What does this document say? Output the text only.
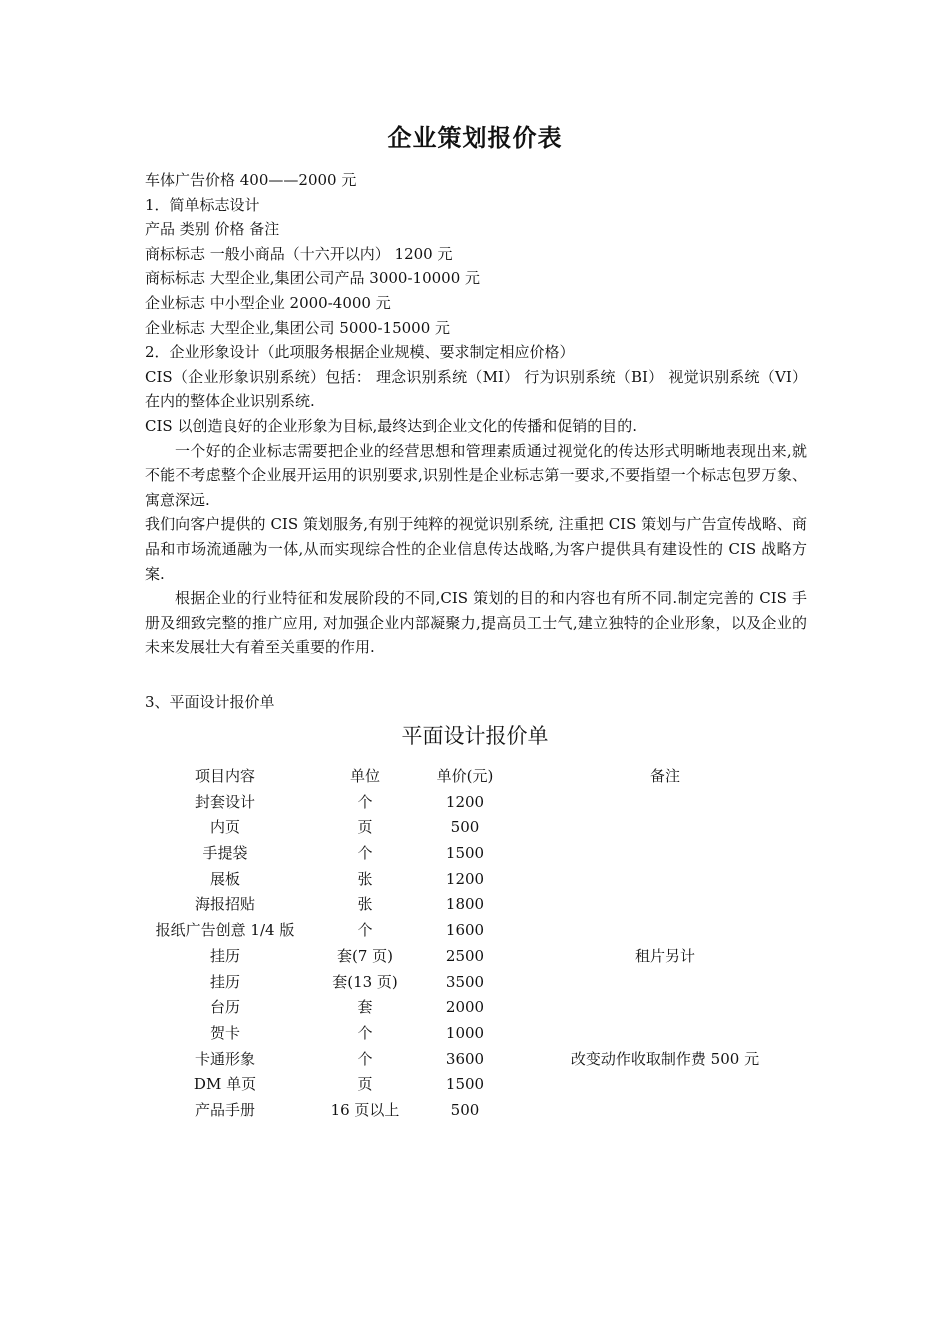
企业策划报价表

车体广告价格 400——2000 元

1．简单标志设计

产品 类别 价格 备注

商标标志 一般小商品（十六开以内） 1200 元

商标标志 大型企业,集团公司产品 3000-10000 元

企业标志 中小型企业 2000-4000 元

企业标志 大型企业,集团公司 5000-15000 元

2．企业形象设计（此项服务根据企业规模、要求制定相应价格）

CIS（企业形象识别系统）包括： 理念识别系统（MI） 行为识别系统（BI） 视觉识别系统（VI） 在内的整体企业识别系统.

CIS 以创造良好的企业形象为目标,最终达到企业文化的传播和促销的目的.

一个好的企业标志需要把企业的经营思想和管理素质通过视觉化的传达形式明晰地表现出来,就不能不考虑整个企业展开运用的识别要求,识别性是企业标志第一要求,不要指望一个标志包罗万象、寓意深远.

我们向客户提供的 CIS 策划服务,有别于纯粹的视觉识别系统, 注重把 CIS 策划与广告宣传战略、商品和市场流通融为一体,从而实现综合性的企业信息传达战略,为客户提供具有建设性的 CIS 战略方案.

根据企业的行业特征和发展阶段的不同,CIS 策划的目的和内容也有所不同.制定完善的 CIS 手册及细致完整的推广应用, 对加强企业内部凝聚力,提高员工士气,建立独特的企业形象，以及企业的未来发展壮大有着至关重要的作用.

3、平面设计报价单
平面设计报价单
项目内容	单位	单价(元)	备注
封套设计	个	1200
内页	页	500
手提袋	个	1500
展板	张	1200
海报招贴	张	1800
报纸广告创意 1/4 版	个	1600
挂历	套(7 页)	2500	租片另计
挂历	套(13 页)	3500
台历	套	2000
贺卡	个	1000
卡通形象	个	3600	改变动作收取制作费 500 元
DM 单页	页	1500
产品手册	16 页以上	500
